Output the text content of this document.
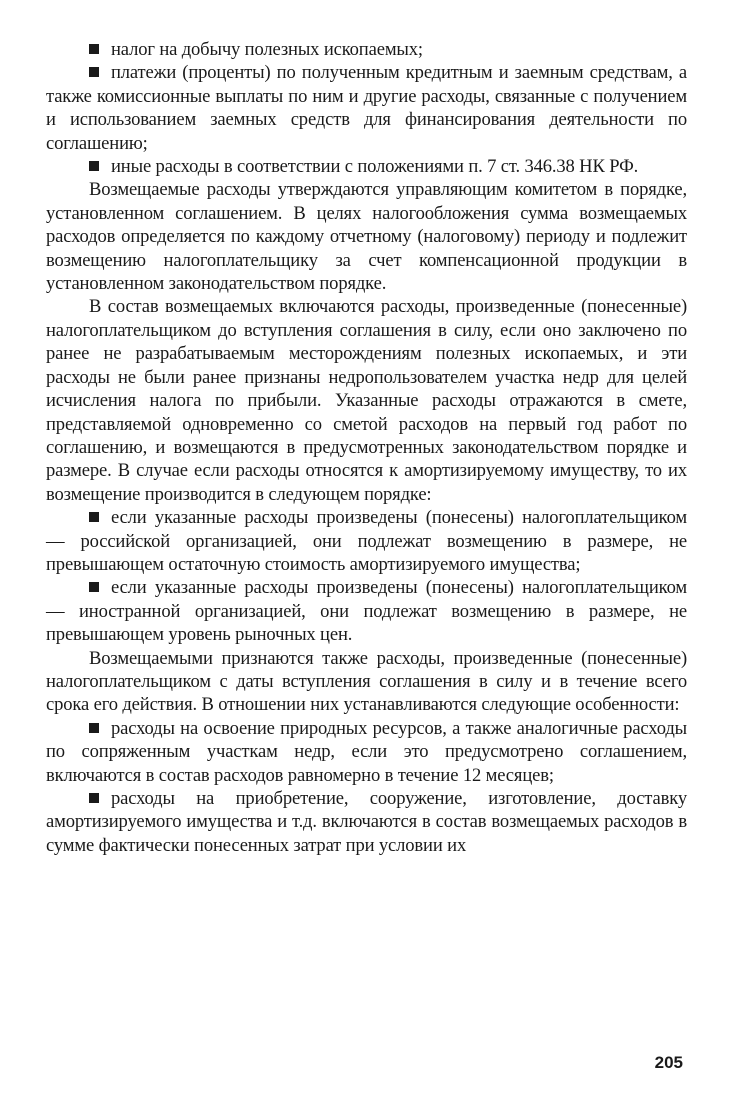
налог на добычу полезных ископаемых;

платежи (проценты) по полученным кредитным и заемным средствам, а также комиссионные выплаты по ним и другие расходы, связанные с получением и использованием заемных средств для финансирования деятельности по соглашению;

иные расходы в соответствии с положениями п. 7 ст. 346.38 НК РФ.

Возмещаемые расходы утверждаются управляющим комитетом в порядке, установленном соглашением. В целях налогообложения сумма возмещаемых расходов определяется по каждому отчетному (налоговому) периоду и подлежит возмещению налогоплательщику за счет компенсационной продукции в установленном законодательством порядке.

В состав возмещаемых включаются расходы, произведенные (понесенные) налогоплательщиком до вступления соглашения в силу, если оно заключено по ранее не разрабатываемым месторождениям полезных ископаемых, и эти расходы не были ранее признаны недропользователем участка недр для целей исчисления налога по прибыли. Указанные расходы отражаются в смете, представляемой одновременно со сметой расходов на первый год работ по соглашению, и возмещаются в предусмотренных законодательством порядке и размере. В случае если расходы относятся к амортизируемому имуществу, то их возмещение производится в следующем порядке:

если указанные расходы произведены (понесены) налогоплательщиком — российской организацией, они подлежат возмещению в размере, не превышающем остаточную стоимость амортизируемого имущества;

если указанные расходы произведены (понесены) налогоплательщиком — иностранной организацией, они подлежат возмещению в размере, не превышающем уровень рыночных цен.

Возмещаемыми признаются также расходы, произведенные (понесенные) налогоплательщиком с даты вступления соглашения в силу и в течение всего срока его действия. В отношении них устанавливаются следующие особенности:

расходы на освоение природных ресурсов, а также аналогичные расходы по сопряженным участкам недр, если это предусмотрено соглашением, включаются в состав расходов равномерно в течение 12 месяцев;

расходы на приобретение, сооружение, изготовление, доставку амортизируемого имущества и т.д. включаются в состав возмещаемых расходов в сумме фактически понесенных затрат при условии их

205
